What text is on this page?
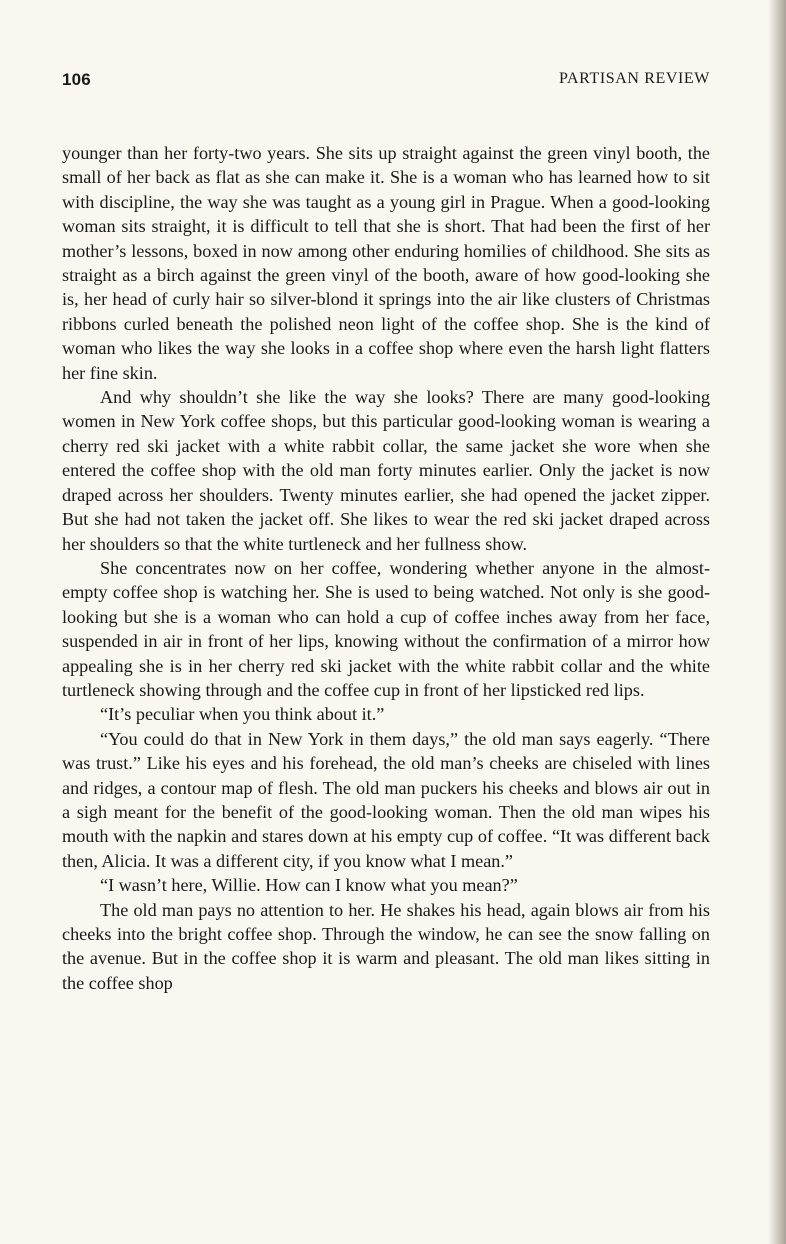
106	PARTISAN REVIEW

younger than her forty-two years. She sits up straight against the green vinyl booth, the small of her back as flat as she can make it. She is a woman who has learned how to sit with discipline, the way she was taught as a young girl in Prague. When a good-looking woman sits straight, it is difficult to tell that she is short. That had been the first of her mother’s lessons, boxed in now among other enduring homilies of childhood. She sits as straight as a birch against the green vinyl of the booth, aware of how good-looking she is, her head of curly hair so silver-blond it springs into the air like clusters of Christmas ribbons curled beneath the polished neon light of the coffee shop. She is the kind of woman who likes the way she looks in a coffee shop where even the harsh light flatters her fine skin.

And why shouldn’t she like the way she looks? There are many good-looking women in New York coffee shops, but this particular good-looking woman is wearing a cherry red ski jacket with a white rabbit collar, the same jacket she wore when she entered the coffee shop with the old man forty minutes earlier. Only the jacket is now draped across her shoulders. Twenty minutes earlier, she had opened the jacket zipper. But she had not taken the jacket off. She likes to wear the red ski jacket draped across her shoulders so that the white turtleneck and her fullness show.

She concentrates now on her coffee, wondering whether anyone in the almost-empty coffee shop is watching her. She is used to being watched. Not only is she good-looking but she is a woman who can hold a cup of coffee inches away from her face, suspended in air in front of her lips, knowing without the confirmation of a mirror how appealing she is in her cherry red ski jacket with the white rabbit collar and the white turtleneck showing through and the coffee cup in front of her lipsticked red lips.

“It’s peculiar when you think about it.”

“You could do that in New York in them days,” the old man says eagerly. “There was trust.” Like his eyes and his forehead, the old man’s cheeks are chiseled with lines and ridges, a contour map of flesh. The old man puckers his cheeks and blows air out in a sigh meant for the benefit of the good-looking woman. Then the old man wipes his mouth with the napkin and stares down at his empty cup of coffee. “It was different back then, Alicia. It was a different city, if you know what I mean.”

“I wasn’t here, Willie. How can I know what you mean?”

The old man pays no attention to her. He shakes his head, again blows air from his cheeks into the bright coffee shop. Through the window, he can see the snow falling on the avenue. But in the coffee shop it is warm and pleasant. The old man likes sitting in the coffee shop
